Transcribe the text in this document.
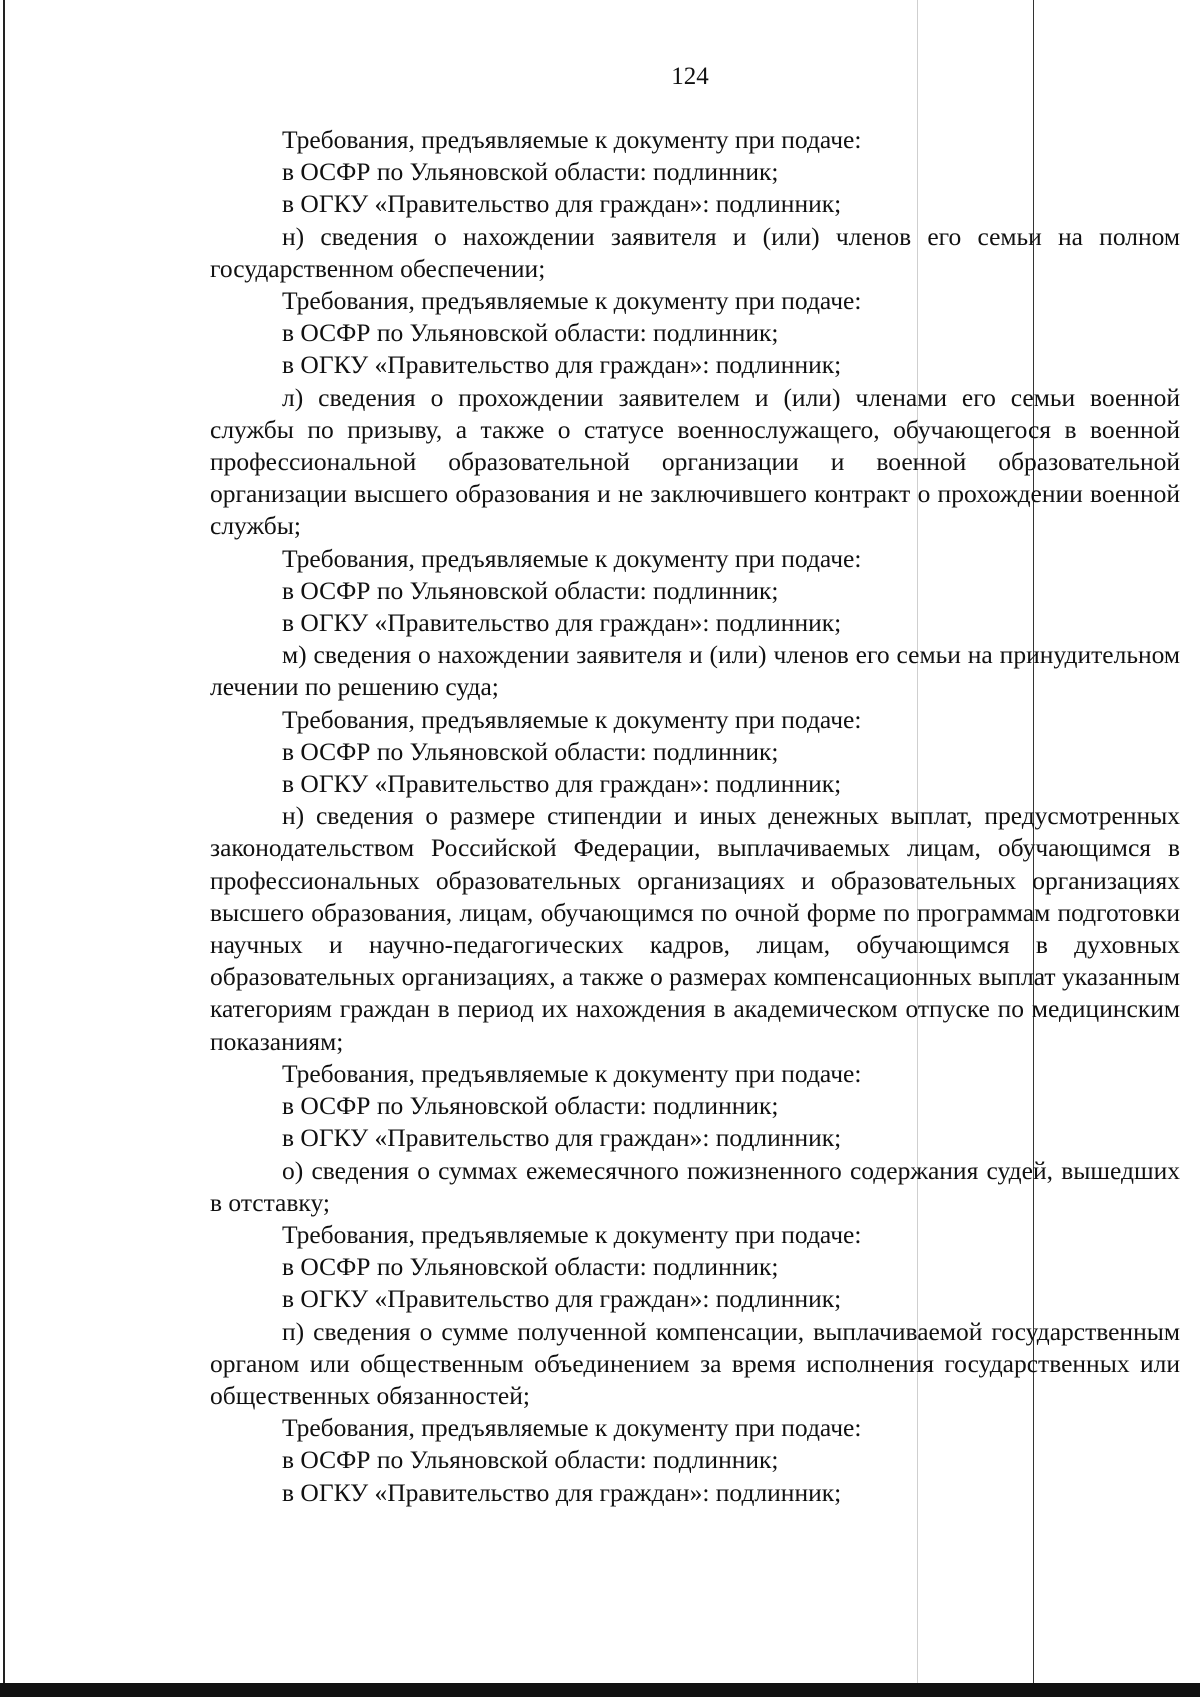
124

Требования, предъявляемые к документу при подаче:

в ОСФР по Ульяновской области: подлинник;

в ОГКУ «Правительство для граждан»: подлинник;

н) сведения о нахождении заявителя и (или) членов его семьи на полном государственном обеспечении;

Требования, предъявляемые к документу при подаче:

в ОСФР по Ульяновской области: подлинник;

в ОГКУ «Правительство для граждан»: подлинник;

л) сведения о прохождении заявителем и (или) членами его семьи военной службы по призыву, а также о статусе военнослужащего, обучающегося в военной профессиональной образовательной организации и военной образовательной организации высшего образования и не заключившего контракт о прохождении военной службы;

Требования, предъявляемые к документу при подаче:

в ОСФР по Ульяновской области: подлинник;

в ОГКУ «Правительство для граждан»: подлинник;

м) сведения о нахождении заявителя и (или) членов его семьи на принудительном лечении по решению суда;

Требования, предъявляемые к документу при подаче:

в ОСФР по Ульяновской области: подлинник;

в ОГКУ «Правительство для граждан»: подлинник;

н) сведения о размере стипендии и иных денежных выплат, предусмотренных законодательством Российской Федерации, выплачиваемых лицам, обучающимся в профессиональных образовательных организациях и образовательных организациях высшего образования, лицам, обучающимся по очной форме по программам подготовки научных и научно-педагогических кадров, лицам, обучающимся в духовных образовательных организациях, а также о размерах компенсационных выплат указанным категориям граждан в период их нахождения в академическом отпуске по медицинским показаниям;

Требования, предъявляемые к документу при подаче:

в ОСФР по Ульяновской области: подлинник;

в ОГКУ «Правительство для граждан»: подлинник;

о) сведения о суммах ежемесячного пожизненного содержания судей, вышедших в отставку;

Требования, предъявляемые к документу при подаче:

в ОСФР по Ульяновской области: подлинник;

в ОГКУ «Правительство для граждан»: подлинник;

п) сведения о сумме полученной компенсации, выплачиваемой государственным органом или общественным объединением за время исполнения государственных или общественных обязанностей;

Требования, предъявляемые к документу при подаче:

в ОСФР по Ульяновской области: подлинник;

в ОГКУ «Правительство для граждан»: подлинник;
